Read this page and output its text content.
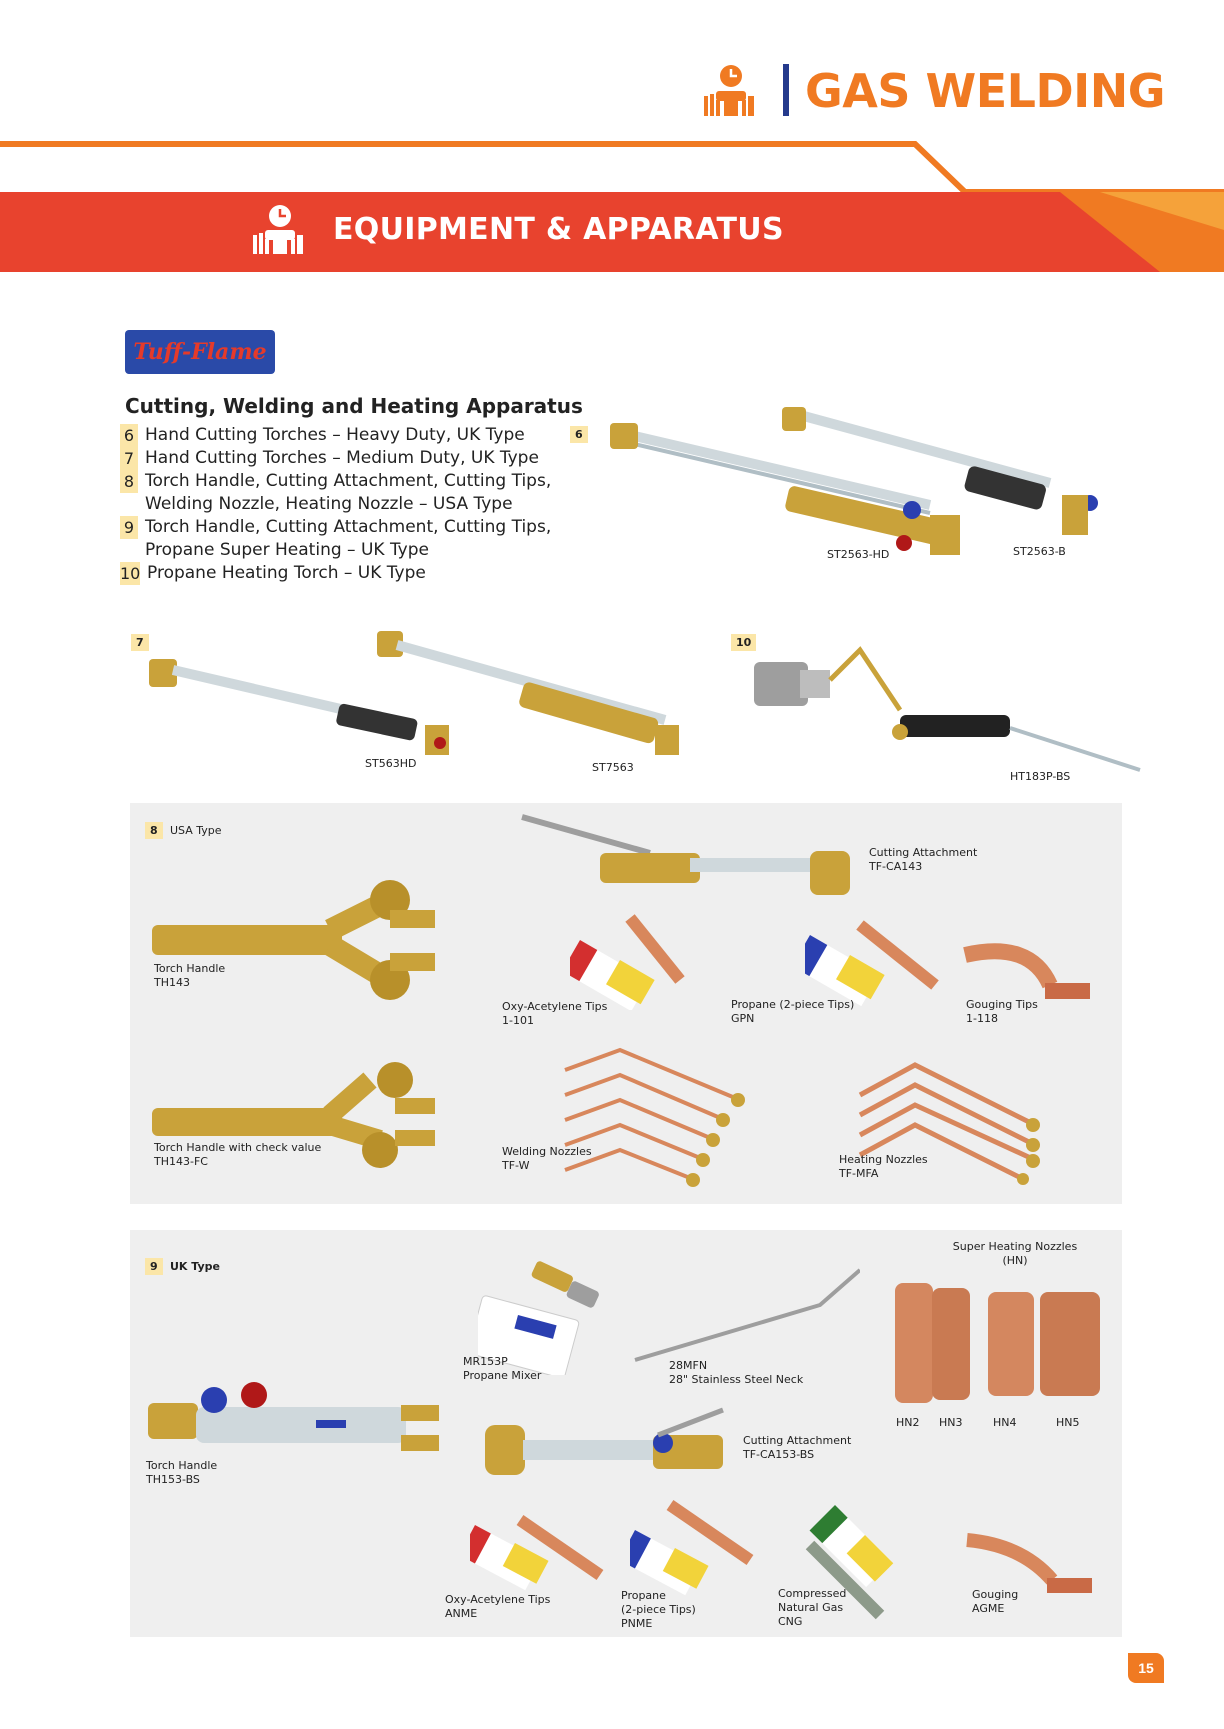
GAS WELDING
EQUIPMENT & APPARATUS
Tuff-Flame
Cutting, Welding and Heating Apparatus
6 Hand Cutting Torches – Heavy Duty, UK Type
7 Hand Cutting Torches – Medium Duty, UK Type
8 Torch Handle, Cutting Attachment, Cutting Tips,
Welding Nozzle, Heating Nozzle – USA Type
9 Torch Handle, Cutting Attachment, Cutting Tips,
Propane Super Heating – UK Type
10 Propane Heating Torch – UK Type
6
ST2563-HD	ST2563-B
7
ST563HD	ST7563
10
HT183P-BS
8	USA Type
Cutting Attachment
TF-CA143
Torch Handle
TH143
Oxy-Acetylene Tips
1-101
Propane (2-piece Tips)
GPN
Gouging Tips
1-118
Torch Handle with check value
TH143-FC
Welding Nozzles
TF-W	Heating Nozzles
TF-MFA
9	UK Type
MR153P
Propane Mixer
28MFN
28" Stainless Steel Neck
Super Heating Nozzles
(HN)
HN2 HN3	HN4	HN5
Torch Handle
TH153-BS
Cutting Attachment
TF-CA153-BS
Oxy-Acetylene Tips
ANME
Propane
(2-piece Tips)
PNME
Compressed
Natural Gas
CNG
Gouging
AGME
15
